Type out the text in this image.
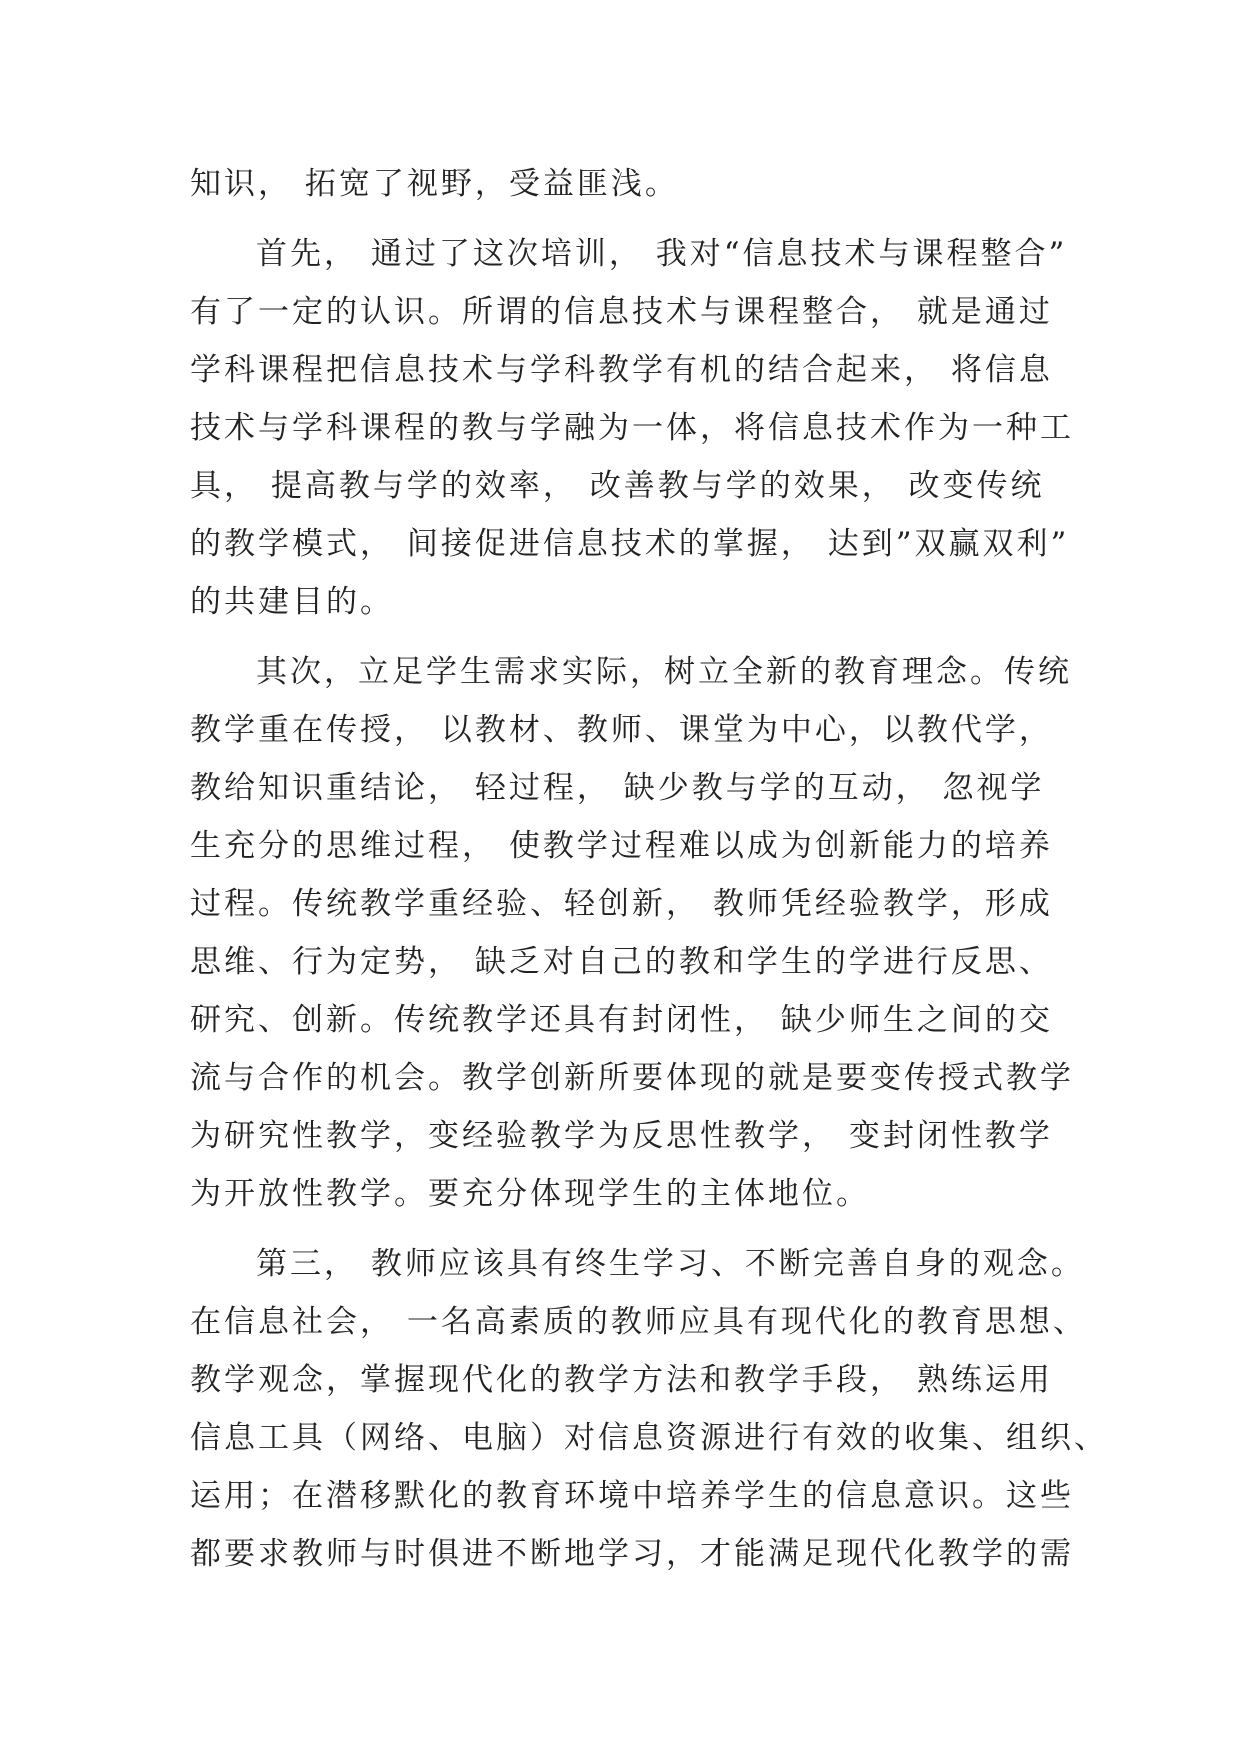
知识， 拓宽了视野，受益匪浅。
首先， 通过了这次培训， 我对“信息技术与课程整合”
有了一定的认识。所谓的信息技术与课程整合， 就是通过
学科课程把信息技术与学科教学有机的结合起来， 将信息
技术与学科课程的教与学融为一体，将信息技术作为一种工
具， 提高教与学的效率， 改善教与学的效果， 改变传统
的教学模式， 间接促进信息技术的掌握， 达到”双赢双利”
的共建目的。
其次，立足学生需求实际，树立全新的教育理念。传统
教学重在传授， 以教材、教师、课堂为中心，以教代学，
教给知识重结论， 轻过程， 缺少教与学的互动， 忽视学
生充分的思维过程， 使教学过程难以成为创新能力的培养
过程。传统教学重经验、轻创新， 教师凭经验教学，形成
思维、行为定势， 缺乏对自己的教和学生的学进行反思、
研究、创新。传统教学还具有封闭性， 缺少师生之间的交
流与合作的机会。教学创新所要体现的就是要变传授式教学
为研究性教学，变经验教学为反思性教学， 变封闭性教学
为开放性教学。要充分体现学生的主体地位。
第三， 教师应该具有终生学习、不断完善自身的观念。
在信息社会， 一名高素质的教师应具有现代化的教育思想、
教学观念，掌握现代化的教学方法和教学手段， 熟练运用
信息工具（网络、电脑）对信息资源进行有效的收集、组织、
运用；在潜移默化的教育环境中培养学生的信息意识。这些
都要求教师与时俱进不断地学习，才能满足现代化教学的需
